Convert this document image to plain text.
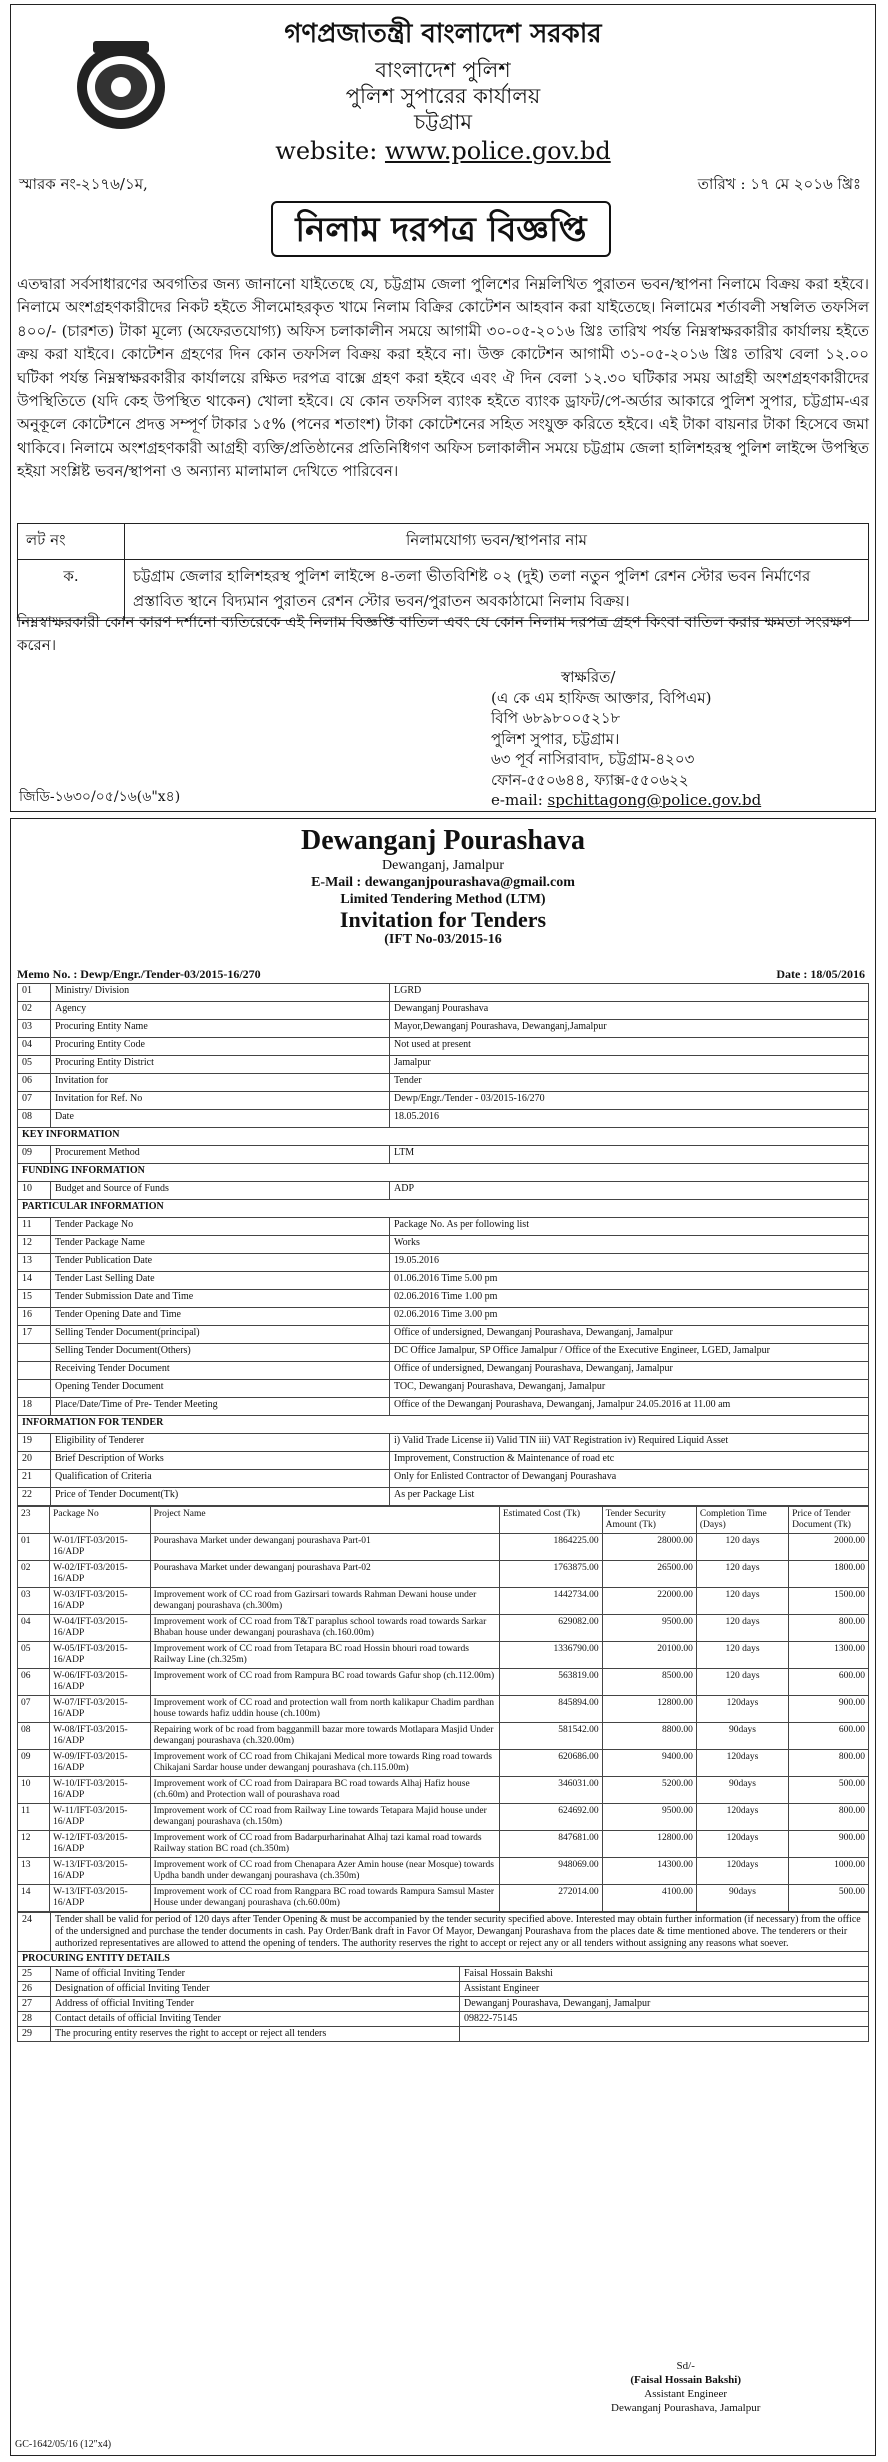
গণপ্রজাতন্ত্রী বাংলাদেশ সরকার
বাংলাদেশ পুলিশ
পুলিশ সুপারের কার্যালয়
চট্টগ্রাম
website: www.police.gov.bd
স্মারক নং-২১৭৬/১ম,	তারিখ : ১৭ মে ২০১৬ খ্রিঃ
নিলাম দরপত্র বিজ্ঞপ্তি
এতদ্বারা সর্বসাধারণের অবগতির জন্য জানানো যাইতেছে যে, চট্টগ্রাম জেলা পুলিশের নিম্নলিখিত পুরাতন ভবন/স্থাপনা নিলামে বিক্রয় করা হইবে। নিলামে অংশগ্রহণকারীদের নিকট হইতে সীলমোহরকৃত খামে নিলাম বিক্রির কোটেশন আহবান করা যাইতেছে। নিলামের শর্তাবলী সম্বলিত তফসিল ৪০০/- (চারশত) টাকা মূল্যে (অফেরতযোগ্য) অফিস চলাকালীন সময়ে আগামী ৩০-০৫-২০১৬ খ্রিঃ তারিখ পর্যন্ত নিম্নস্বাক্ষরকারীর কার্যালয় হইতে ক্রয় করা যাইবে। কোটেশন গ্রহণের দিন কোন তফসিল বিক্রয় করা হইবে না। উক্ত কোটেশন আগামী ৩১-০৫-২০১৬ খ্রিঃ তারিখ বেলা ১২.০০ ঘটিকা পর্যন্ত নিম্নস্বাক্ষরকারীর কার্যালয়ে রক্ষিত দরপত্র বাক্সে গ্রহণ করা হইবে এবং ঐ দিন বেলা ১২.৩০ ঘটিকার সময় আগ্রহী অংশগ্রহণকারীদের উপস্থিতিতে (যদি কেহ উপস্থিত থাকেন) খোলা হইবে। যে কোন তফসিল ব্যাংক হইতে ব্যাংক ড্রাফট/পে-অর্ডার আকারে পুলিশ সুপার, চট্টগ্রাম-এর অনুকূলে কোটেশনে প্রদত্ত সম্পূর্ণ টাকার ১৫% (পনের শতাংশ) টাকা কোটেশনের সহিত সংযুক্ত করিতে হইবে। এই টাকা বায়নার টাকা হিসেবে জমা থাকিবে। নিলামে অংশগ্রহণকারী আগ্রহী ব্যক্তি/প্রতিষ্ঠানের প্রতিনিধিগণ অফিস চলাকালীন সময়ে চট্টগ্রাম জেলা হালিশহরস্থ পুলিশ লাইন্সে উপস্থিত হইয়া সংশ্লিষ্ট ভবন/স্থাপনা ও অন্যান্য মালামাল দেখিতে পারিবেন।
লট নং	নিলামযোগ্য ভবন/স্থাপনার নাম
ক.	চট্টগ্রাম জেলার হালিশহরস্থ পুলিশ লাইন্সে ৪-তলা ভীতবিশিষ্ট ০২ (দুই) তলা নতুন পুলিশ রেশন স্টোর ভবন নির্মাণের প্রস্তাবিত স্থানে বিদ্যমান পুরাতন রেশন স্টোর ভবন/পুরাতন অবকাঠামো নিলাম বিক্রয়।
নিম্নস্বাক্ষরকারী কোন কারণ দর্শানো ব্যতিরেকে এই নিলাম বিজ্ঞপ্তি বাতিল এবং যে কোন নিলাম দরপত্র গ্রহণ কিংবা বাতিল করার ক্ষমতা সংরক্ষণ করেন।
স্বাক্ষরিত/
(এ কে এম হাফিজ আক্তার, বিপিএম)
বিপি ৬৮৯৮০০৫২১৮
পুলিশ সুপার, চট্টগ্রাম।
৬৩ পূর্ব নাসিরাবাদ, চট্টগ্রাম-৪২০৩
ফোন-৫৫০৬৪৪, ফ্যাক্স-৫৫০৬২২
e-mail: spchittagong@police.gov.bd
জিডি-১৬৩০/০৫/১৬(৬"x৪)
Dewanganj Pourashava
Dewanganj, Jamalpur
E-Mail : dewanganjpourashava@gmail.com
Limited Tendering Method (LTM)
Invitation for Tenders
(IFT No-03/2015-16
Memo No. : Dewp/Engr./Tender-03/2015-16/270	Date : 18/05/2016
01	Ministry/ Division	LGRD
02	Agency	Dewanganj Pourashava
03	Procuring Entity Name	Mayor,Dewanganj Pourashava, Dewanganj,Jamalpur
04	Procuring Entity Code	Not used at present
05	Procuring Entity District	Jamalpur
06	Invitation for	Tender
07	Invitation for Ref. No	Dewp/Engr./Tender - 03/2015-16/270
08	Date	18.05.2016
KEY INFORMATION		
09	Procurement Method	LTM
FUNDING INFORMATION		
10	Budget and Source of Funds	ADP
PARTICULAR INFORMATION		
11	Tender Package No	Package No. As per following list
12	Tender Package Name	Works
13	Tender Publication Date	19.05.2016
14	Tender Last Selling Date	01.06.2016 Time 5.00 pm
15	Tender Submission Date and Time	02.06.2016 Time 1.00 pm
16	Tender Opening Date and Time	02.06.2016 Time 3.00 pm
17	Selling Tender Document(principal)	Office of undersigned, Dewanganj Pourashava, Dewanganj, Jamalpur
	Selling Tender Document(Others)	DC Office Jamalpur, SP Office Jamalpur / Office of the Executive Engineer, LGED, Jamalpur
	Receiving Tender Document	Office of undersigned, Dewanganj Pourashava, Dewanganj, Jamalpur
	Opening Tender Document	TOC, Dewanganj Pourashava, Dewanganj, Jamalpur
18	Place/Date/Time of Pre- Tender Meeting	Office of the Dewanganj Pourashava, Dewanganj, Jamalpur 24.05.2016 at 11.00 am
INFORMATION FOR TENDER		
19	Eligibility of Tenderer	i) Valid Trade License ii) Valid TIN iii) VAT Registration iv) Required Liquid Asset
20	Brief Description of Works	Improvement, Construction & Maintenance of road etc
21	Qualification of Criteria	Only for Enlisted Contractor of Dewanganj Pourashava
22	Price of Tender Document(Tk)	As per Package List
23	Package No	Project Name	Estimated Cost (Tk)	Tender Security Amount (Tk)	Completion Time (Days)	Price of Tender Document (Tk)
01	W-01/IFT-03/2015-16/ADP	Pourashava Market under dewanganj pourashava Part-01	1864225.00	28000.00	120 days	2000.00
02	W-02/IFT-03/2015-16/ADP	Pourashava Market under dewanganj pourashava Part-02	1763875.00	26500.00	120 days	1800.00
03	W-03/IFT-03/2015-16/ADP	Improvement work of CC road from Gazirsari towards Rahman Dewani house under dewanganj pourashava (ch.300m)	1442734.00	22000.00	120 days	1500.00
04	W-04/IFT-03/2015-16/ADP	Improvement work of CC road from T&T paraplus school towards road towards Sarkar Bhaban house under dewanganj pourashava (ch.160.00m)	629082.00	9500.00	120 days	800.00
05	W-05/IFT-03/2015-16/ADP	Improvement work of CC road from Tetapara BC road Hossin bhouri road towards Railway Line (ch.325m)	1336790.00	20100.00	120 days	1300.00
06	W-06/IFT-03/2015-16/ADP	Improvement work of CC road from Rampura BC road towards Gafur shop (ch.112.00m)	563819.00	8500.00	120 days	600.00
07	W-07/IFT-03/2015-16/ADP	Improvement work of CC road and protection wall from north kalikapur Chadim pardhan house towards hafiz uddin house (ch.100m)	845894.00	12800.00	120days	900.00
08	W-08/IFT-03/2015-16/ADP	Repairing work of bc road from bagganmill bazar more towards Motlapara Masjid Under dewanganj pourashava (ch.320.00m)	581542.00	8800.00	90days	600.00
09	W-09/IFT-03/2015-16/ADP	Improvement work of CC road from Chikajani Medical more towards Ring road towards Chikajani Sardar house under dewanganj pourashava (ch.115.00m)	620686.00	9400.00	120days	800.00
10	W-10/IFT-03/2015-16/ADP	Improvement work of CC road from Dairapara BC road towards Alhaj Hafiz house (ch.60m) and Protection wall of pourashava road	346031.00	5200.00	90days	500.00
11	W-11/IFT-03/2015-16/ADP	Improvement work of CC road from Railway Line towards Tetapara Majid house under dewanganj pourashava (ch.150m)	624692.00	9500.00	120days	800.00
12	W-12/IFT-03/2015-16/ADP	Improvement work of CC road from Badarpurharinahat Alhaj tazi kamal road towards Railway station BC road (ch.350m)	847681.00	12800.00	120days	900.00
13	W-13/IFT-03/2015-16/ADP	Improvement work of CC road from Chenapara Azer Amin house (near Mosque) towards Updha bandh under dewanganj pourashava (ch.350m)	948069.00	14300.00	120days	1000.00
14	W-13/IFT-03/2015-16/ADP	Improvement work of CC road from Rangpara BC road towards Rampura Samsul Master House under dewanganj pourashava (ch.60.00m)	272014.00	4100.00	90days	500.00
24	Tender shall be valid for period of 120 days after Tender Opening & must be accompanied by the tender security specified above. Interested may obtain further information (if necessary) from the office of the undersigned and purchase the tender documents in cash. Pay Order/Bank draft in Favor Of Mayor, Dewanganj Pourashava from the places date & time mentioned above. The tenderers or their authorized representatives are allowed to attend the opening of tenders. The authority reserves the right to accept or reject any or all tenders without assigning any reasons what soever.	
PROCURING ENTITY DETAILS		
25	Name of official Inviting Tender	Faisal Hossain Bakshi
26	Designation of official Inviting Tender	Assistant Engineer
27	Address of official Inviting Tender	Dewanganj Pourashava, Dewanganj, Jamalpur
28	Contact details of official Inviting Tender	09822-75145
29	The procuring entity reserves the right to accept or reject all tenders	
Sd/-
(Faisal Hossain Bakshi)
Assistant Engineer
Dewanganj Pourashava, Jamalpur
GC-1642/05/16 (12"x4)
